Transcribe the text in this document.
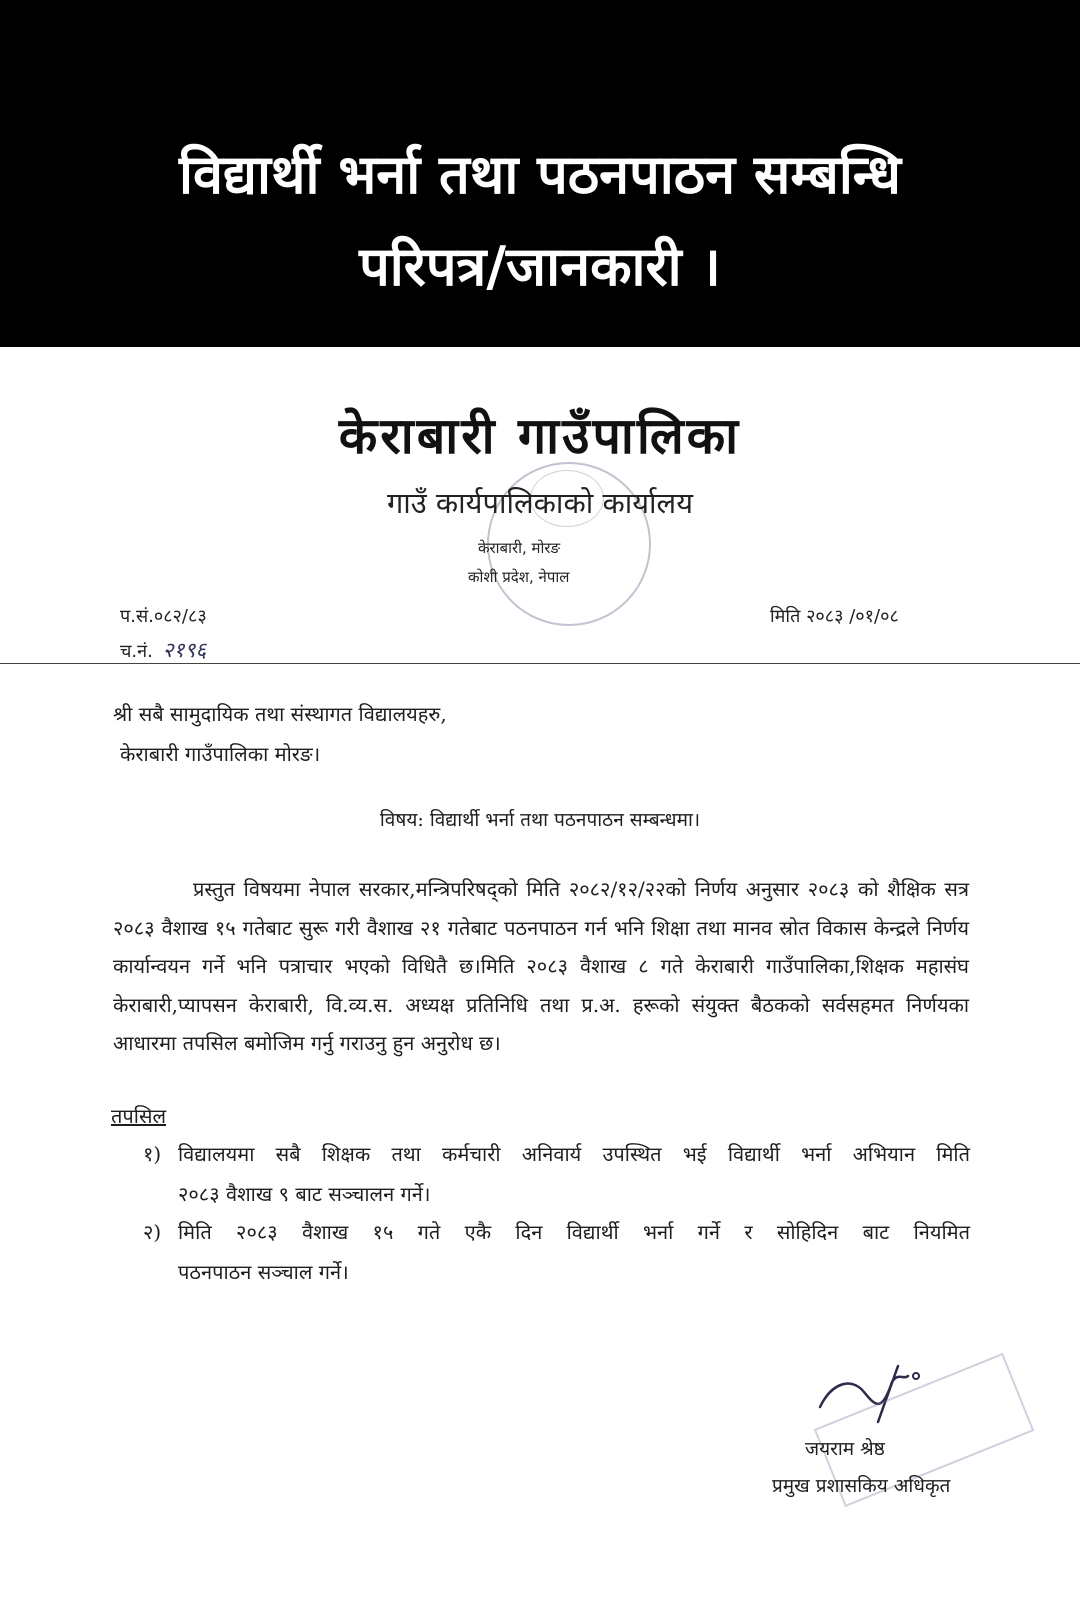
विद्यार्थी भर्ना तथा पठनपाठन सम्बन्धि
परिपत्र/जानकारी ।
केराबारी गाउँपालिका
गाउँ कार्यपालिकाको कार्यालय
केराबारी, मोरङ
कोशी प्रदेश, नेपाल
प.सं.०८२/८३
च.नं. २१९६
मिति २०८३ /०१/०८
श्री सबै सामुदायिक तथा संस्थागत विद्यालयहरु,
केराबारी गाउँपालिका मोरङ।
विषय: विद्यार्थी भर्ना तथा पठनपाठन सम्बन्धमा।
प्रस्तुत विषयमा नेपाल सरकार,मन्त्रिपरिषद्को मिति २०८२/१२/२२को निर्णय अनुसार २०८३ को शैक्षिक सत्र २०८३ वैशाख १५ गतेबाट सुरू गरी वैशाख २१ गतेबाट पठनपाठन गर्न भनि शिक्षा तथा मानव स्रोत विकास केन्द्रले निर्णय कार्यान्वयन गर्ने भनि पत्राचार भएको विधितै छ।मिति २०८३ वैशाख ८ गते केराबारी गाउँपालिका,शिक्षक महासंघ केराबारी,प्यापसन केराबारी, वि.व्य.स. अध्यक्ष प्रतिनिधि तथा प्र.अ. हरूको संयुक्त बैठकको सर्वसहमत निर्णयका आधारमा तपसिल बमोजिम गर्नु गराउनु हुन अनुरोध छ।
तपसिल
१) विद्यालयमा सबै शिक्षक तथा कर्मचारी अनिवार्य उपस्थित भई विद्यार्थी भर्ना अभियान मिति
२०८३ वैशाख ९ बाट सञ्चालन गर्ने।
२) मिति २०८३ वैशाख १५ गते एकै दिन विद्यार्थी भर्ना गर्ने र सोहिदिन बाट नियमित
पठनपाठन सञ्चाल गर्ने।
जयराम श्रेष्ठ
प्रमुख प्रशासकिय अधिकृत
